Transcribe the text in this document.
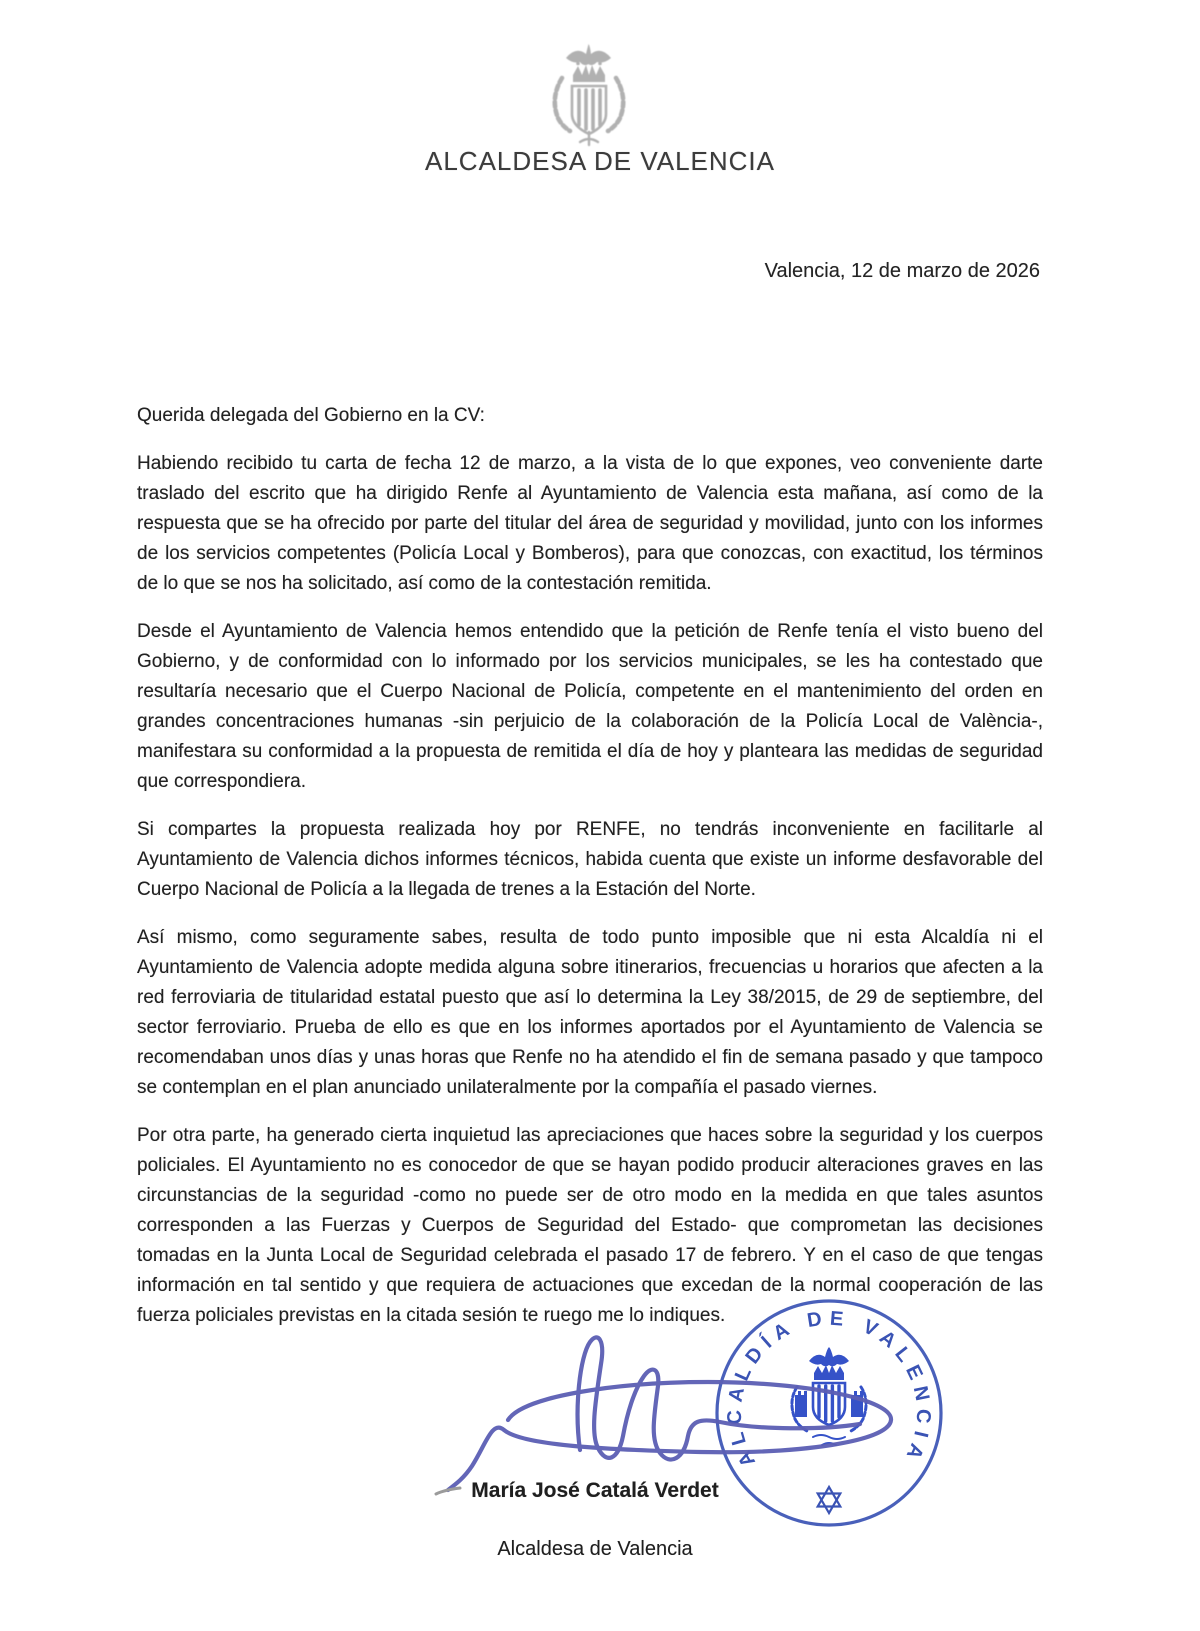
ALCALDESA DE VALENCIA
Valencia, 12 de marzo de 2026

Querida delegada del Gobierno en la CV:

Habiendo recibido tu carta de fecha 12 de marzo, a la vista de lo que expones, veo conveniente darte traslado del escrito que ha dirigido Renfe al Ayuntamiento de Valencia esta mañana, así como de la respuesta que se ha ofrecido por parte del titular del área de seguridad y movilidad, junto con los informes de los servicios competentes (Policía Local y Bomberos), para que conozcas, con exactitud, los términos de lo que se nos ha solicitado, así como de la contestación remitida.

Desde el Ayuntamiento de Valencia hemos entendido que la petición de Renfe tenía el visto bueno del Gobierno, y de conformidad con lo informado por los servicios municipales, se les ha contestado que resultaría necesario que el Cuerpo Nacional de Policía, competente en el mantenimiento del orden en grandes concentraciones humanas -sin perjuicio de la colaboración de la Policía Local de València-, manifestara su conformidad a la propuesta de remitida el día de hoy y planteara las medidas de seguridad que correspondiera.

Si compartes la propuesta realizada hoy por RENFE, no tendrás inconveniente en facilitarle al Ayuntamiento de Valencia dichos informes técnicos, habida cuenta que existe un informe desfavorable del Cuerpo Nacional de Policía a la llegada de trenes a la Estación del Norte.

Así mismo, como seguramente sabes, resulta de todo punto imposible que ni esta Alcaldía ni el Ayuntamiento de Valencia adopte medida alguna sobre itinerarios, frecuencias u horarios que afecten a la red ferroviaria de titularidad estatal puesto que así lo determina la Ley 38/2015, de 29 de septiembre, del sector ferroviario. Prueba de ello es que en los informes aportados por el Ayuntamiento de Valencia se recomendaban unos días y unas horas que Renfe no ha atendido el fin de semana pasado y que tampoco se contemplan en el plan anunciado unilateralmente por la compañía el pasado viernes.

Por otra parte, ha generado cierta inquietud las apreciaciones que haces sobre la seguridad y los cuerpos policiales. El Ayuntamiento no es conocedor de que se hayan podido producir alteraciones graves en las circunstancias de la seguridad -como no puede ser de otro modo en la medida en que tales asuntos corresponden a las Fuerzas y Cuerpos de Seguridad del Estado- que comprometan las decisiones tomadas en la Junta Local de Seguridad celebrada el pasado 17 de febrero. Y en el caso de que tengas información en tal sentido y que requiera de actuaciones que excedan de la normal cooperación de las fuerza policiales previstas en la citada sesión te ruego me lo indiques.

ALCALDÍA DE VALENCIA
María José Catalá Verdet
Alcaldesa de Valencia
